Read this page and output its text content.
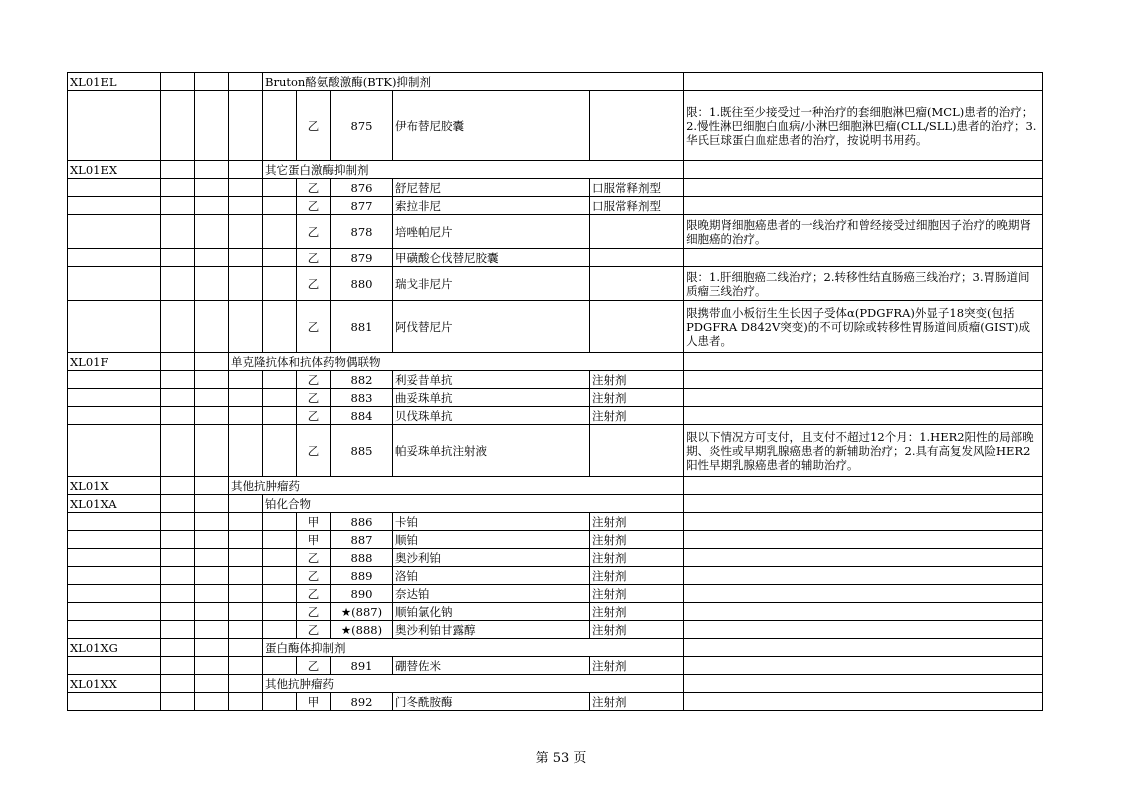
XL01EL				Bruton酪氨酸激酶(BTK)抑制剂					
					乙	875	伊布替尼胶囊		限：1.既往至少接受过一种治疗的套细胞淋巴瘤(MCL)患者的治疗；2.慢性淋巴细胞白血病/小淋巴细胞淋巴瘤(CLL/SLL)患者的治疗；3.华氏巨球蛋白血症患者的治疗，按说明书用药。
XL01EX				其它蛋白激酶抑制剂					
					乙	876	舒尼替尼	口服常释剂型	
					乙	877	索拉非尼	口服常释剂型	
					乙	878	培唑帕尼片		限晚期肾细胞癌患者的一线治疗和曾经接受过细胞因子治疗的晚期肾细胞癌的治疗。
					乙	879	甲磺酸仑伐替尼胶囊		
					乙	880	瑞戈非尼片		限：1.肝细胞癌二线治疗；2.转移性结直肠癌三线治疗；3.胃肠道间质瘤三线治疗。
					乙	881	阿伐替尼片		限携带血小板衍生生长因子受体α(PDGFRA)外显子18突变(包括PDGFRA D842V突变)的不可切除或转移性胃肠道间质瘤(GIST)成人患者。
XL01F			单克隆抗体和抗体药物偶联物						
					乙	882	利妥昔单抗	注射剂	
					乙	883	曲妥珠单抗	注射剂	
					乙	884	贝伐珠单抗	注射剂	
					乙	885	帕妥珠单抗注射液		限以下情况方可支付，且支付不超过12个月：1.HER2阳性的局部晚期、炎性或早期乳腺癌患者的新辅助治疗；2.具有高复发风险HER2阳性早期乳腺癌患者的辅助治疗。
XL01X			其他抗肿瘤药						
XL01XA				铂化合物					
					甲	886	卡铂	注射剂	
					甲	887	顺铂	注射剂	
					乙	888	奥沙利铂	注射剂	
					乙	889	洛铂	注射剂	
					乙	890	奈达铂	注射剂	
					乙	★(887)	顺铂氯化钠	注射剂	
					乙	★(888)	奥沙利铂甘露醇	注射剂	
XL01XG				蛋白酶体抑制剂					
					乙	891	硼替佐米	注射剂	
XL01XX				其他抗肿瘤药					
					甲	892	门冬酰胺酶	注射剂	
第 53 页
